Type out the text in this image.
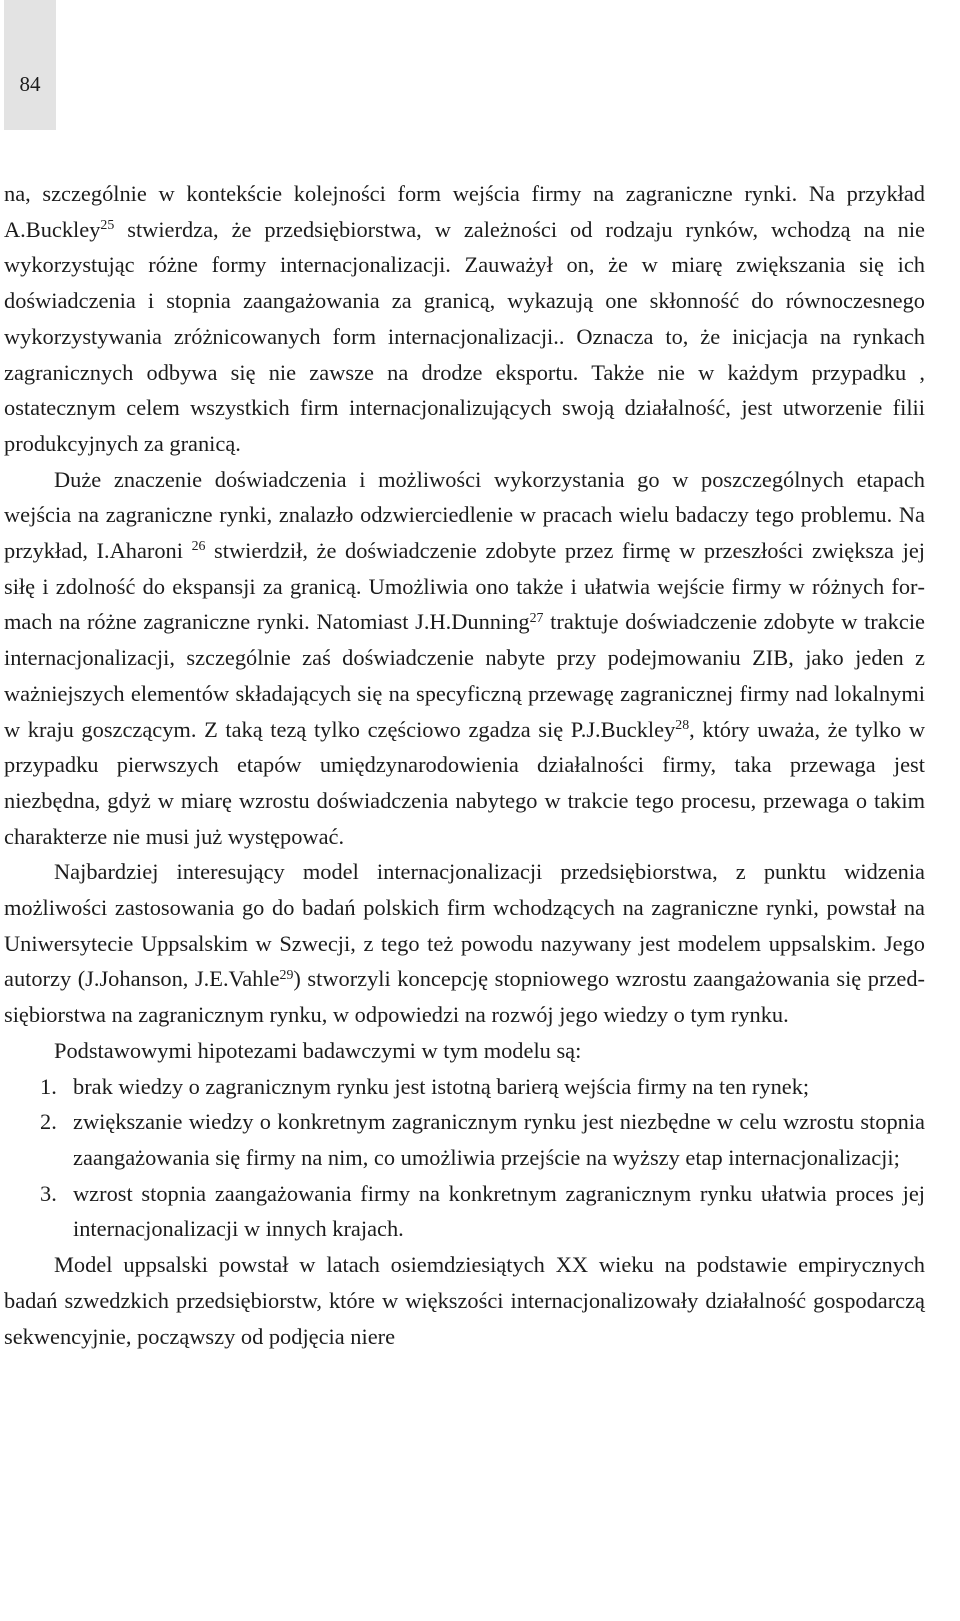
84

na, szczególnie w kontekście kolejności form wejścia firmy na zagraniczne rynki. Na przykład A.Buckley$^{25}$ stwierdza, że przedsiębiorstwa, w zależności od rodzaju rynków, wchodzą na nie wykorzystując różne formy internacjonalizacji. Zauważył on, że w miarę zwiększania się ich doświadczenia i stopnia zaangażowania za granicą, wykazują one skłonność do równoczesnego wykorzystywania zróżnicowanych form internacjonalizacji.. Oznacza to, że inicjacja na rynkach zagranicznych odbywa się nie zawsze na drodze eksportu. Także nie w każdym przypadku , ostatecznym celem wszystkich firm internacjonalizujących swoją działalność, jest utworzenie filii produkcyjnych za granicą.

Duże znaczenie doświadczenia i możliwości wykorzystania go w poszczególnych etapach wejścia na zagraniczne rynki, znalazło odzwierciedlenie w pracach wielu badaczy tego problemu. Na przykład, I.Aharoni $^{26}$ stwierdził, że doświadczenie zdobyte przez firmę w przeszłości zwiększa jej siłę i zdolność do ekspansji za granicą. Umożliwia ono także i ułatwia wejście firmy w różnych formach na różne zagraniczne rynki. Natomiast J.H.Dunning$^{27}$ traktuje doświadczenie zdobyte w trakcie internacjonalizacji, szczególnie zaś doświadczenie nabyte przy podejmowaniu ZIB, jako jeden z ważniejszych elementów składających się na specyficzną przewagę zagranicznej firmy nad lokalnymi w kraju goszczącym. Z taką tezą tylko częściowo zgadza się P.J.Buckley$^{28}$, który uważa, że tylko w przypadku pierwszych etapów umiędzynarodowienia działalności firmy, taka przewaga jest niezbędna, gdyż w miarę wzrostu doświadczenia nabytego w trakcie tego procesu, przewaga o takim charakterze nie musi już występować.

Najbardziej interesujący model internacjonalizacji przedsiębiorstwa, z punktu widzenia możliwości zastosowania go do badań polskich firm wchodzących na zagraniczne rynki, powstał na Uniwersytecie Uppsalskim w Szwecji, z tego też powodu nazywany jest modelem uppsalskim. Jego autorzy (J.Johanson, J.E.Vahle$^{29}$) stworzyli koncepcję stopniowego wzrostu zaangażowania się przedsiębiorstwa na zagranicznym rynku, w odpowiedzi na rozwój jego wiedzy o tym rynku.

Podstawowymi hipotezami badawczymi w tym modelu są:

1. brak wiedzy o zagranicznym rynku jest istotną barierą wejścia firmy na ten rynek;
2. zwiększanie wiedzy o konkretnym zagranicznym rynku jest niezbędne w celu wzrostu stopnia zaangażowania się firmy na nim, co umożliwia przejście na wyższy etap internacjonalizacji;
3. wzrost stopnia zaangażowania firmy na konkretnym zagranicznym rynku ułatwia proces jej internacjonalizacji w innych krajach.

Model uppsalski powstał w latach osiemdziesiątych XX wieku na podstawie empirycznych badań szwedzkich przedsiębiorstw, które w większości internacjonalizowały działalność gospodarczą sekwencyjnie, począwszy od podjęcia niere
